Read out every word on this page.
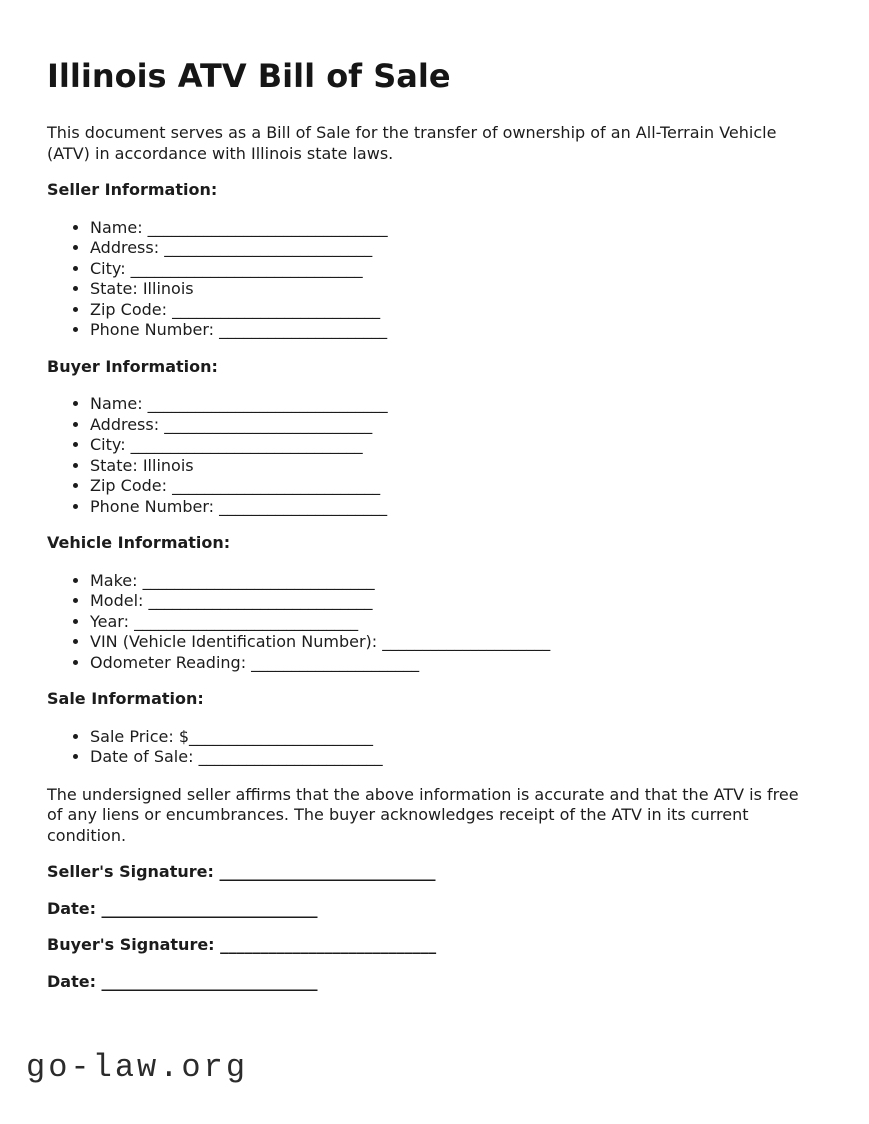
Illinois ATV Bill of Sale

This document serves as a Bill of Sale for the transfer of ownership of an All-Terrain Vehicle (ATV) in accordance with Illinois state laws.

Seller Information:
• Name: ______________________________
• Address: __________________________
• City: _____________________________
• State: Illinois
• Zip Code: __________________________
• Phone Number: _____________________
Buyer Information:
• Name: ______________________________
• Address: __________________________
• City: _____________________________
• State: Illinois
• Zip Code: __________________________
• Phone Number: _____________________
Vehicle Information:
• Make: _____________________________
• Model: ____________________________
• Year: ____________________________
• VIN (Vehicle Identification Number): _____________________
• Odometer Reading: _____________________
Sale Information:
• Sale Price: $_______________________
• Date of Sale: _______________________

The undersigned seller affirms that the above information is accurate and that the ATV is free of any liens or encumbrances. The buyer acknowledges receipt of the ATV in its current condition.

Seller's Signature: ___________________________

Date: ___________________________

Buyer's Signature: ___________________________

Date: ___________________________

go-law.org
